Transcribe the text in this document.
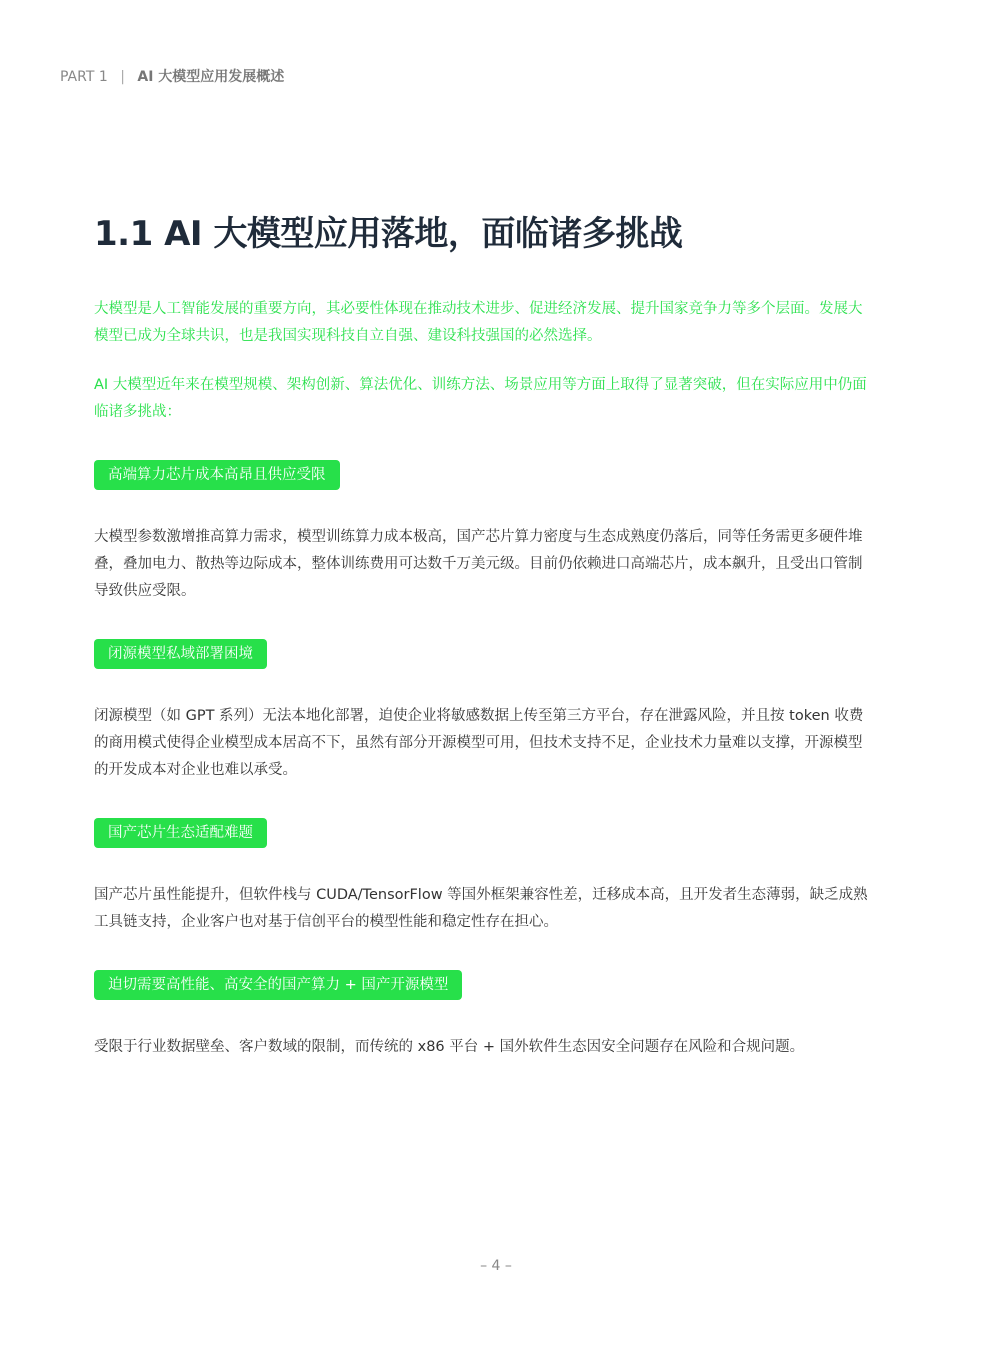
PART 1 | AI 大模型应用发展概述
1.1 AI 大模型应用落地，面临诸多挑战

大模型是人工智能发展的重要方向，其必要性体现在推动技术进步、促进经济发展、提升国家竞争力等多个层面。发展大模型已成为全球共识，也是我国实现科技自立自强、建设科技强国的必然选择。

AI 大模型近年来在模型规模、架构创新、算法优化、训练方法、场景应用等方面上取得了显著突破，但在实际应用中仍面临诸多挑战：

高端算力芯片成本高昂且供应受限

大模型参数激增推高算力需求，模型训练算力成本极高，国产芯片算力密度与生态成熟度仍落后，同等任务需更多硬件堆叠，叠加电力、散热等边际成本，整体训练费用可达数千万美元级。目前仍依赖进口高端芯片，成本飙升，且受出口管制导致供应受限。

闭源模型私域部署困境

闭源模型（如 GPT 系列）无法本地化部署，迫使企业将敏感数据上传至第三方平台，存在泄露风险，并且按 token 收费的商用模式使得企业模型成本居高不下，虽然有部分开源模型可用，但技术支持不足，企业技术力量难以支撑，开源模型的开发成本对企业也难以承受。

国产芯片生态适配难题

国产芯片虽性能提升，但软件栈与 CUDA/TensorFlow 等国外框架兼容性差，迁移成本高，且开发者生态薄弱，缺乏成熟工具链支持，企业客户也对基于信创平台的模型性能和稳定性存在担心。

迫切需要高性能、高安全的国产算力 + 国产开源模型

受限于行业数据壁垒、客户数域的限制，而传统的 x86 平台 + 国外软件生态因安全问题存在风险和合规问题。

– 4 –
